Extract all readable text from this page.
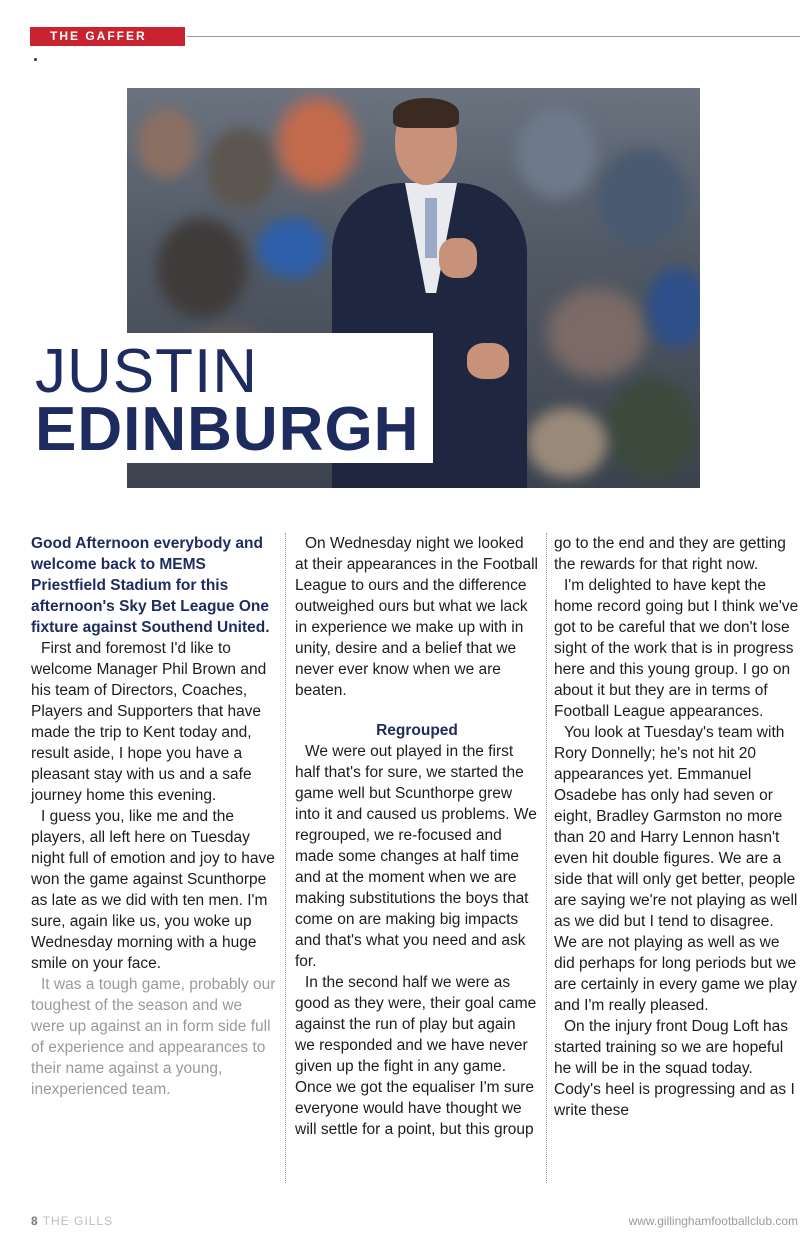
THE GAFFER
JUSTIN
EDINBURGH

Good Afternoon everybody and welcome back to MEMS Priestfield Stadium for this afternoon's Sky Bet League One fixture against Southend United.

First and foremost I'd like to welcome Manager Phil Brown and his team of Directors, Coaches, Players and Supporters that have made the trip to Kent today and, result aside, I hope you have a pleasant stay with us and a safe journey home this evening.

I guess you, like me and the players, all left here on Tuesday night full of emotion and joy to have won the game against Scunthorpe as late as we did with ten men. I'm sure, again like us, you woke up Wednesday morning with a huge smile on your face.

It was a tough game, probably our toughest of the season and we were up against an in form side full of experience and appearances to their name against a young, inexperienced team.

On Wednesday night we looked at their appearances in the Football League to ours and the difference outweighed ours but what we lack in experience we make up with in unity, desire and a belief that we never ever know when we are beaten.

Regrouped

We were out played in the first half that's for sure, we started the game well but Scunthorpe grew into it and caused us problems. We regrouped, we re-focused and made some changes at half time and at the moment when we are making substitutions the boys that come on are making big impacts and that's what you need and ask for.

In the second half we were as good as they were, their goal came against the run of play but again we responded and we have never given up the fight in any game. Once we got the equaliser I'm sure everyone would have thought we will settle for a point, but this group

go to the end and they are getting the rewards for that right now.

I'm delighted to have kept the home record going but I think we've got to be careful that we don't lose sight of the work that is in progress here and this young group. I go on about it but they are in terms of Football League appearances.

You look at Tuesday's team with Rory Donnelly; he's not hit 20 appearances yet. Emmanuel Osadebe has only had seven or eight, Bradley Garmston no more than 20 and Harry Lennon hasn't even hit double figures. We are a side that will only get better, people are saying we're not playing as well as we did but I tend to disagree. We are not playing as well as we did perhaps for long periods but we are certainly in every game we play and I'm really pleased.

On the injury front Doug Loft has started training so we are hopeful he will be in the squad today. Cody's heel is progressing and as I write these

8 THE GILLS	www.gillinghamfootballclub.com
